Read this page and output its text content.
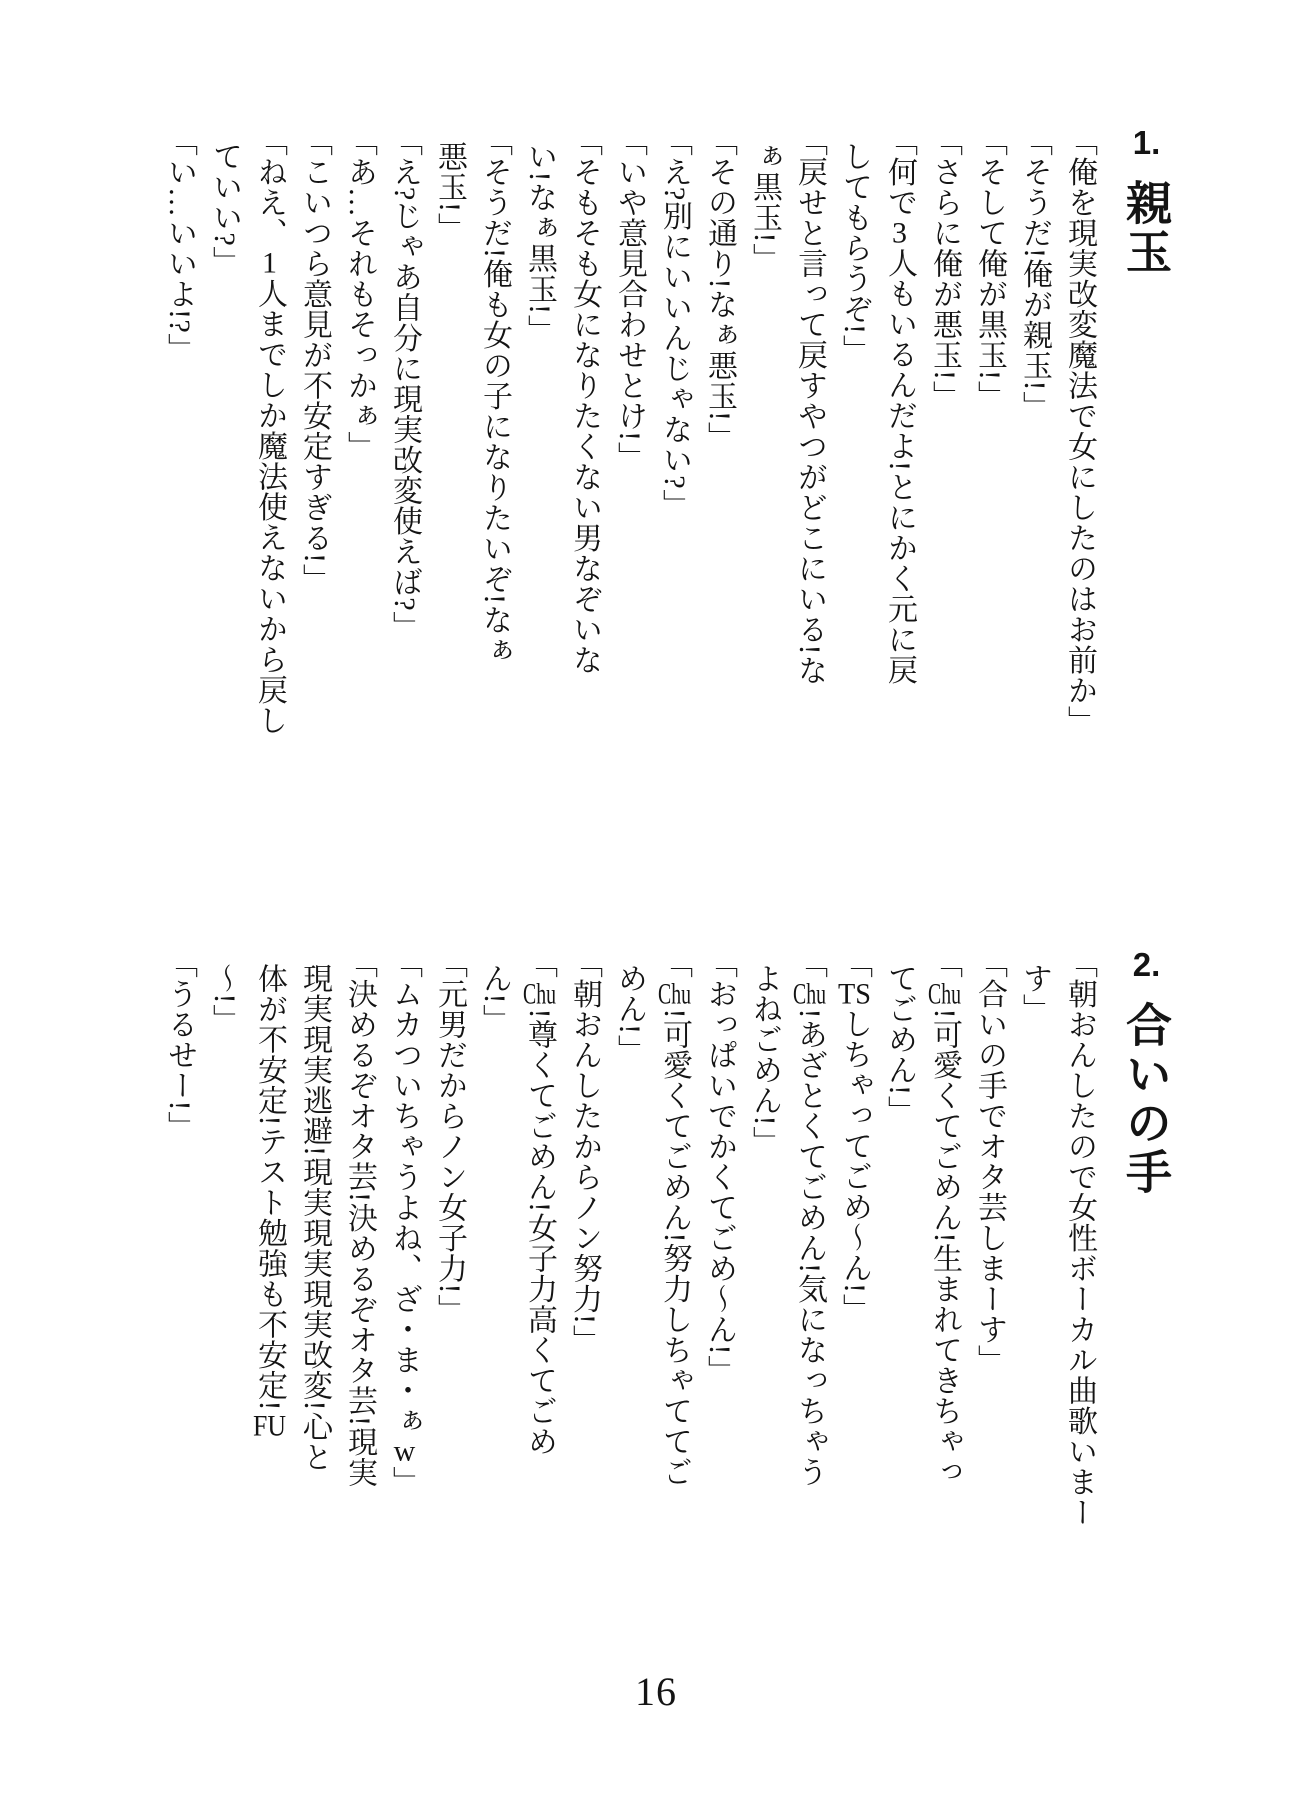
1.親玉

「俺を現実改変魔法で女にしたのはお前か」

「そうだ!俺が親玉!」

「そして俺が黒玉!」

「さらに俺が悪玉!」

「何で3人もいるんだよ!とにかく元に戻

してもらうぞ!」

「戻せと言って戻すやつがどこにいる!な

ぁ黒玉!」

「その通り!なぁ悪玉!」

「え?別にいいんじゃない?」

「いや意見合わせとけ!」

「そもそも女になりたくない男なぞいな

い!なぁ黒玉!」

「そうだ!俺も女の子になりたいぞ!なぁ

悪玉!」

「え?じゃあ自分に現実改変使えば?」

「あ…それもそっかぁ」

「こいつら意見が不安定すぎる!」

「ねえ、1人までしか魔法使えないから戻し

ていい?」

「い…いいよ!?」

2.合いの手

「朝おんしたので女性ボーカル曲歌いまー

す」

「合いの手でオタ芸しまーす」

「Chu!可愛くてごめん!生まれてきちゃっ

てごめん!」

「TSしちゃってごめ〜ん!」

「Chu!あざとくてごめん!気になっちゃう

よねごめん!」

「おっぱいでかくてごめ〜ん!」

「Chu!可愛くてごめん!努力しちゃててご

めん!」

「朝おんしたからノン努力!」

「Chu!尊くてごめん!女子力高くてごめ

ん!」

「元男だからノン女子力!」

「ムカついちゃうよね、ざ・ま・ぁw」

「決めるぞオタ芸!決めるぞオタ芸!現実

現実現実逃避!現実現実現実改変!心と

体が不安定!テスト勉強も不安定!FU

〜!」

「うるせー!」

16
